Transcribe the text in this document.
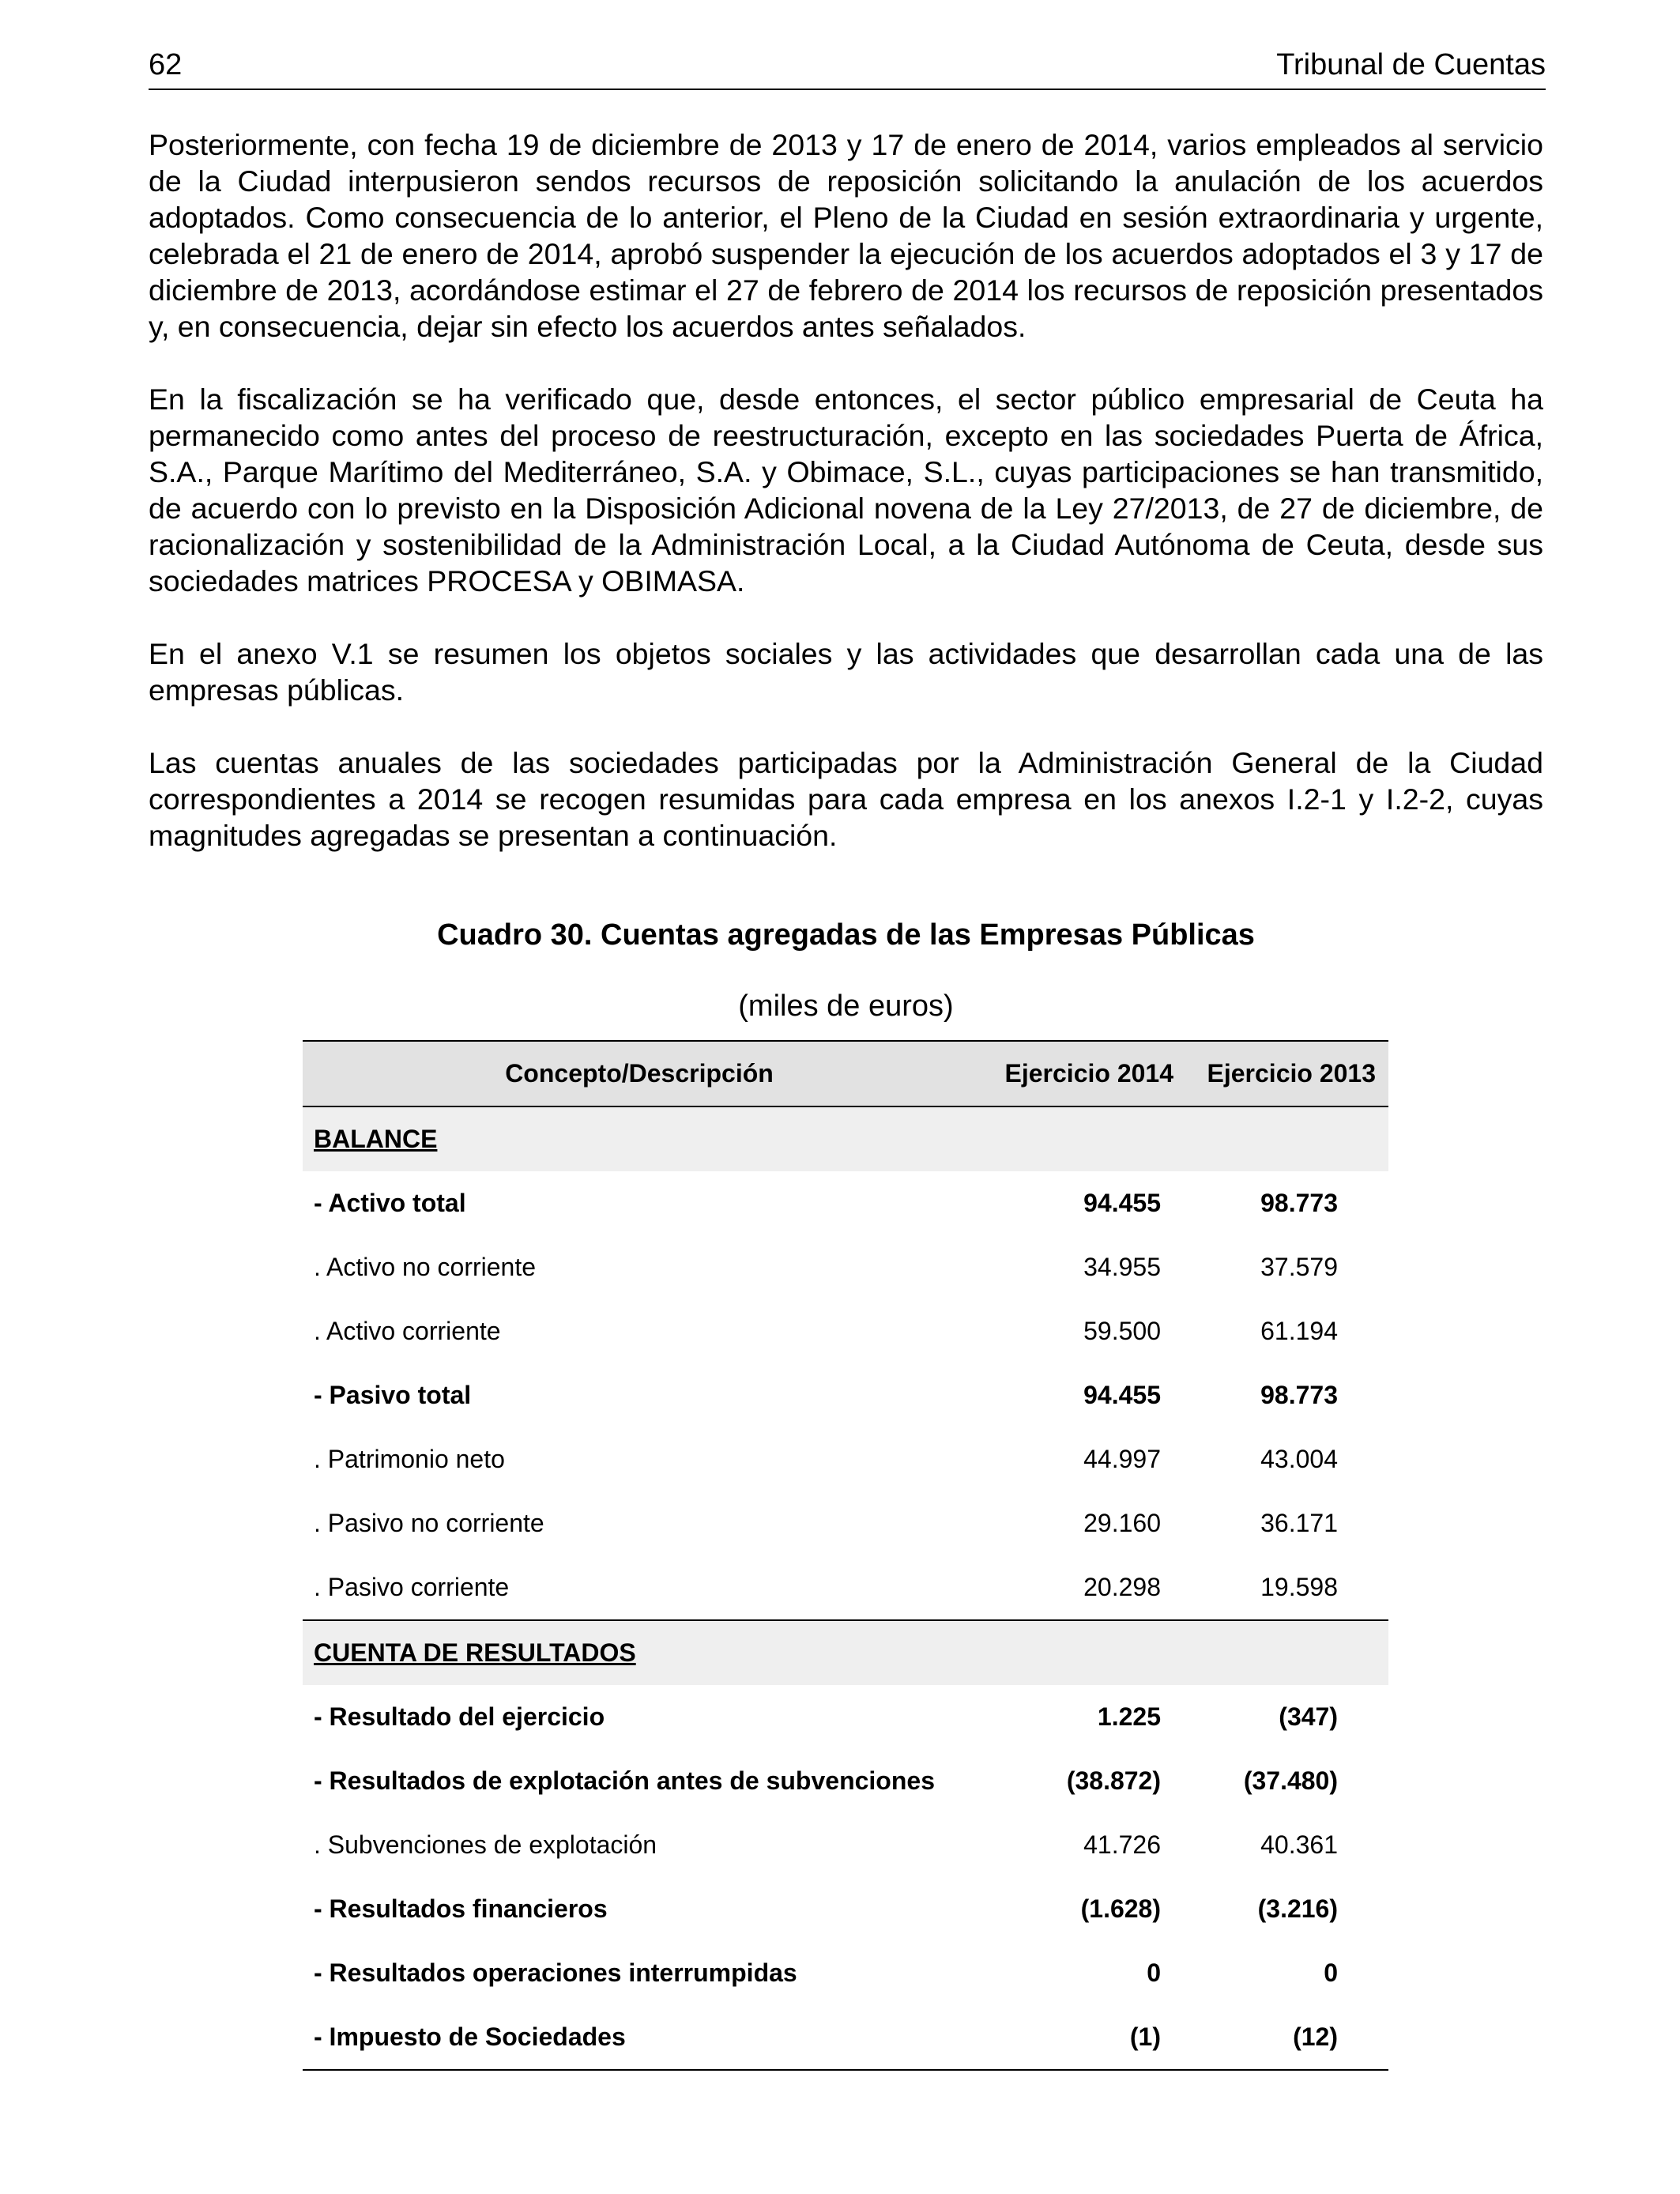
62	Tribunal de Cuentas

Posteriormente, con fecha 19 de diciembre de 2013 y 17 de enero de 2014, varios empleados al servicio de la Ciudad interpusieron sendos recursos de reposición solicitando la anulación de los acuerdos adoptados. Como consecuencia de lo anterior, el Pleno de la Ciudad en sesión extraordinaria y urgente, celebrada el 21 de enero de 2014, aprobó suspender la ejecución de los acuerdos adoptados el 3 y 17 de diciembre de 2013, acordándose estimar el 27 de febrero de 2014 los recursos de reposición presentados y, en consecuencia, dejar sin efecto los acuerdos antes señalados.

En la fiscalización se ha verificado que, desde entonces, el sector público empresarial de Ceuta ha permanecido como antes del proceso de reestructuración, excepto en las sociedades Puerta de África, S.A., Parque Marítimo del Mediterráneo, S.A. y Obimace, S.L., cuyas participaciones se han transmitido, de acuerdo con lo previsto en la Disposición Adicional novena de la Ley 27/2013, de 27 de diciembre, de racionalización y sostenibilidad de la Administración Local, a la Ciudad Autónoma de Ceuta, desde sus sociedades matrices PROCESA y OBIMASA.

En el anexo V.1 se resumen los objetos sociales y las actividades que desarrollan cada una de las empresas públicas.

Las cuentas anuales de las sociedades participadas por la Administración General de la Ciudad correspondientes a 2014 se recogen resumidas para cada empresa en los anexos I.2-1 y I.2-2, cuyas magnitudes agregadas se presentan a continuación.

Cuadro 30. Cuentas agregadas de las Empresas Públicas
(miles de euros)
Concepto/Descripción	Ejercicio 2014	Ejercicio 2013
BALANCE		
- Activo total	94.455	98.773
. Activo no corriente	34.955	37.579
. Activo corriente	59.500	61.194
- Pasivo total	94.455	98.773
. Patrimonio neto	44.997	43.004
. Pasivo no corriente	29.160	36.171
. Pasivo corriente	20.298	19.598
CUENTA DE RESULTADOS		
- Resultado del ejercicio	1.225	(347)
- Resultados de explotación antes de subvenciones	(38.872)	(37.480)
. Subvenciones de explotación	41.726	40.361
- Resultados financieros	(1.628)	(3.216)
- Resultados operaciones interrumpidas	0	0
- Impuesto de Sociedades	(1)	(12)
